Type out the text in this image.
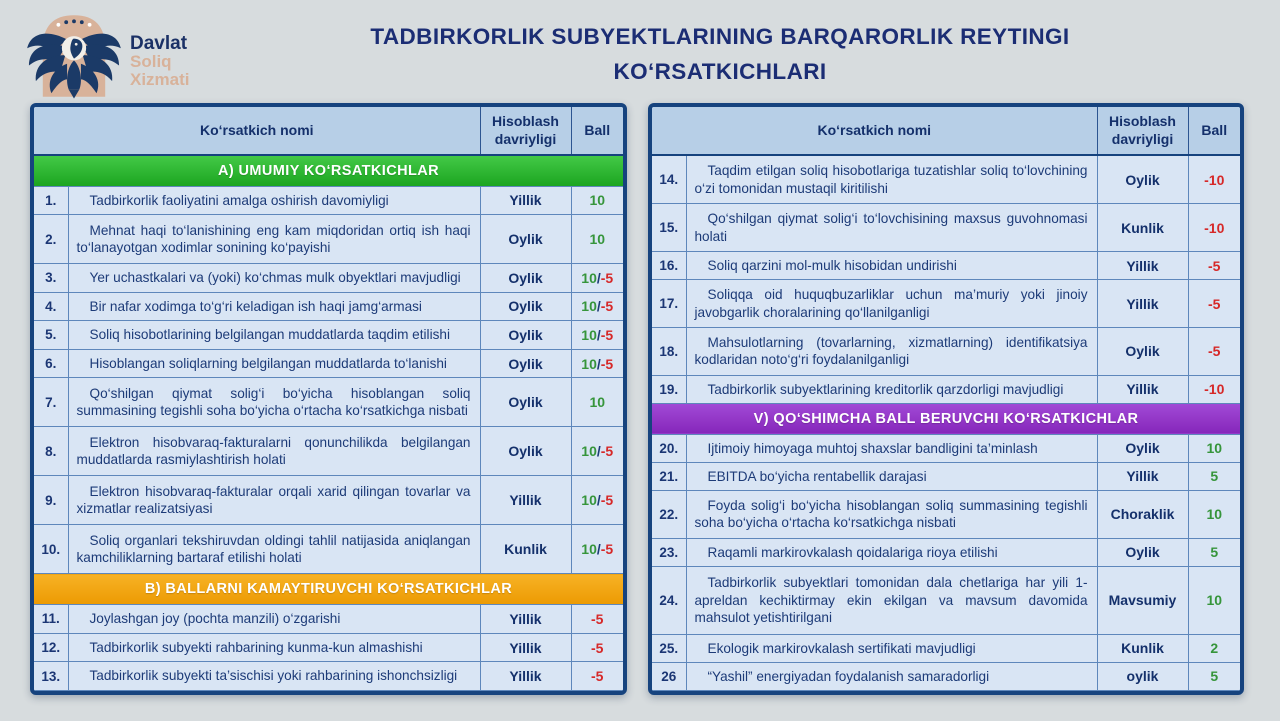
Davlat
Soliq
Xizmati
TADBIRKORLIK SUBYEKTLARINING BARQARORLIK REYTINGI
KO‘RSATKICHLARI
Ko‘rsatkich nomi		Hisoblash davriyligi	Ball
A) UMUMIY KO‘RSATKICHLAR			
1.	Tadbirkorlik faoliyatini amalga oshirish davomiyligi	Yillik	10
2.	Mehnat haqi to‘lanishining eng kam miqdoridan ortiq ish haqi to‘lanayotgan xodimlar sonining ko‘payishi	Oylik	10
3.	Yer uchastkalari va (yoki) ko‘chmas mulk obyektlari mavjudligi	Oylik	10/-5
4.	Bir nafar xodimga to‘g‘ri keladigan ish haqi jamg‘armasi	Oylik	10/-5
5.	Soliq hisobotlarining belgilangan muddatlarda taqdim etilishi	Oylik	10/-5
6.	Hisoblangan soliqlarning belgilangan muddatlarda to‘lanishi	Oylik	10/-5
7.	Qo‘shilgan qiymat solig‘i bo‘yicha hisoblangan soliq summasining tegishli soha bo‘yicha o‘rtacha ko‘rsatkichga nisbati	Oylik	10
8.	Elektron hisobvaraq-fakturalarni qonunchilikda belgilangan muddatlarda rasmiylashtirish holati	Oylik	10/-5
9.	Elektron hisobvaraq-fakturalar orqali xarid qilingan tovarlar va xizmatlar realizatsiyasi	Yillik	10/-5
10.	Soliq organlari tekshiruvdan oldingi tahlil natijasida aniqlangan kamchiliklarning bartaraf etilishi holati	Kunlik	10/-5
B) BALLARNI KAMAYTIRUVCHI KO‘RSATKICHLAR			
11.	Joylashgan joy (pochta manzili) o‘zgarishi	Yillik	-5
12.	Tadbirkorlik subyekti rahbarining kunma-kun almashishi	Yillik	-5
13.	Tadbirkorlik subyekti ta’sischisi yoki rahbarining ishonchsizligi	Yillik	-5
Ko‘rsatkich nomi		Hisoblash davriyligi	Ball
14.	Taqdim etilgan soliq hisobotlariga tuzatishlar soliq to‘lovchining o‘zi tomonidan mustaqil kiritilishi	Oylik	-10
15.	Qo‘shilgan qiymat solig‘i to‘lovchisining maxsus guvohnomasi holati	Kunlik	-10
16.	Soliq qarzini mol-mulk hisobidan undirishi	Yillik	-5
17.	Soliqqa oid huquqbuzarliklar uchun ma’muriy yoki jinoiy javobgarlik choralarining qo‘llanilganligi	Yillik	-5
18.	Mahsulotlarning (tovarlarning, xizmatlarning) identifikatsiya kodlaridan noto‘g‘ri foydalanilganligi	Oylik	-5
19.	Tadbirkorlik subyektlarining kreditorlik qarzdorligi mavjudligi	Yillik	-10
V) QO‘SHIMCHA BALL BERUVCHI KO‘RSATKICHLAR			
20.	Ijtimoiy himoyaga muhtoj shaxslar bandligini ta’minlash	Oylik	10
21.	EBITDA bo‘yicha rentabellik darajasi	Yillik	5
22.	Foyda solig‘i bo‘yicha hisoblangan soliq summasining tegishli soha bo‘yicha o‘rtacha ko‘rsatkichga nisbati	Choraklik	10
23.	Raqamli markirovkalash qoidalariga rioya etilishi	Oylik	5
24.	Tadbirkorlik subyektlari tomonidan dala chetlariga har yili 1-apreldan kechiktirmay ekin ekilgan va mavsum davomida mahsulot yetishtirilgani	Mavsumiy	10
25.	Ekologik markirovkalash sertifikati mavjudligi	Kunlik	2
26	“Yashil” energiyadan foydalanish samaradorligi	oylik	5
